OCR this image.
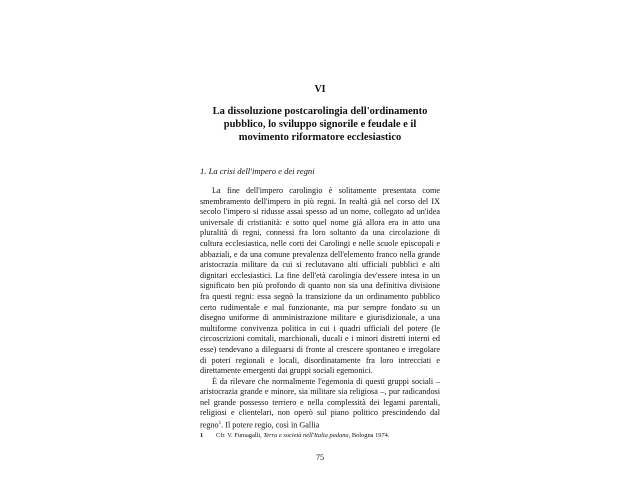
VI
La dissoluzione postcarolingia dell'ordinamento pubblico, lo sviluppo signorile e feudale e il movimento riformatore ecclesiastico
1. La crisi dell'impero e dei regni

La fine dell'impero carolingio è solitamente presentata come smembramento dell'impero in più regni. In realtà già nel corso del IX secolo l'impero si ridusse assai spesso ad un nome, collegato ad un'idea universale di cristianità: e sotto quel nome già allora era in atto una pluralità di regni, connessi fra loro soltanto da una circolazione di cultura ecclesiastica, nelle corti dei Carolingi e nelle scuole episcopali e abbaziali, e da una comune prevalenza dell'elemento franco nella grande aristocrazia militare da cui si reclutavano alti ufficiali pubblici e alti dignitari ecclesiastici. La fine dell'età carolingia dev'essere intesa in un significato ben più profondo di quanto non sia una definitiva divisione fra questi regni: essa segnò la transizione da un ordinamento pubblico certo rudimentale e mal funzionante, ma pur sempre fondato su un disegno uniforme di amministrazione militare e giurisdizionale, a una multiforme convivenza politica in cui i quadri ufficiali del potere (le circoscrizioni comitali, marchionali, ducali e i minori distretti interni ed esse) tendevano a dileguarsi di fronte al crescere spontaneo e irregolare di poteri regionali e locali, disordinatamente fra loro intrecciati e direttamente emergenti dai gruppi sociali egemonici.

È da rilevare che normalmente l'egemonia di questi gruppi sociali – aristocrazia grande e minore, sia militare sia religiosa –, pur radicandosi nel grande possesso terriero e nella complessità dei legami parentali, religiosi e clientelari, non operò sul piano politico prescindendo dal regno$^1$. Il potere regio, così in Gallia

1 Cfr. V. Fumagalli, Terra e società nell'Italia padana, Bologna 1974.
75
